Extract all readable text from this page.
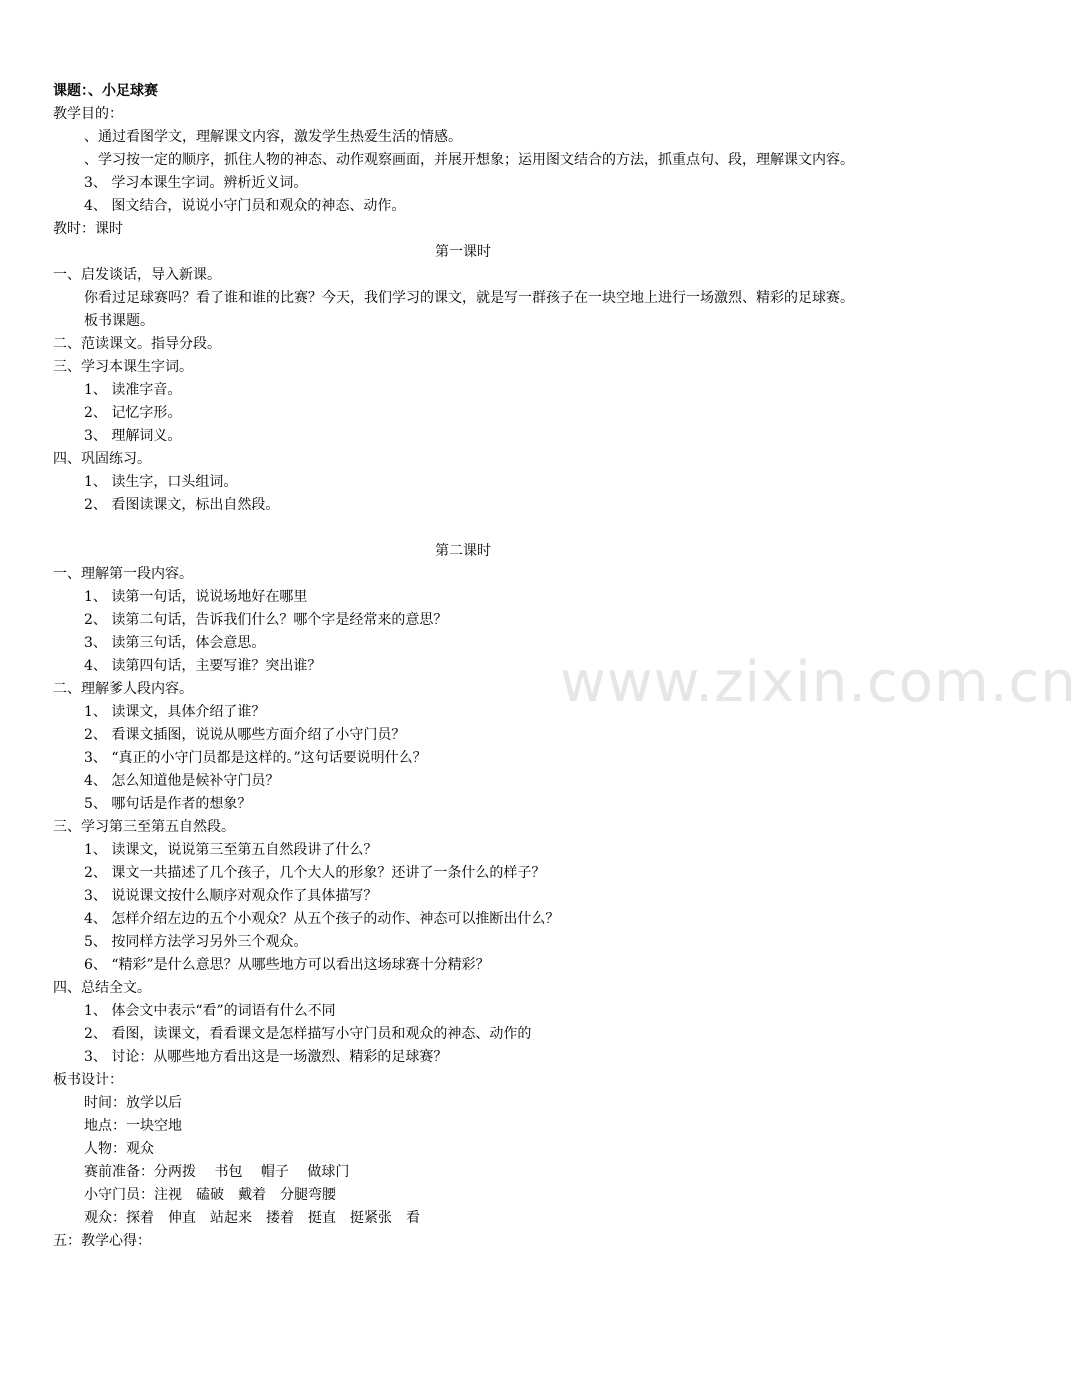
www.zixin.com.cn
课题：、小足球赛
教学目的：
、通过看图学文，理解课文内容，激发学生热爱生活的情感。
、学习按一定的顺序，抓住人物的神态、动作观察画面，并展开想象；运用图文结合的方法，抓重点句、段，理解课文内容。
3、 学习本课生字词。辨析近义词。
4、 图文结合，说说小守门员和观众的神态、动作。
教时：课时
第一课时
一、启发谈话，导入新课。
你看过足球赛吗？看了谁和谁的比赛？今天，我们学习的课文，就是写一群孩子在一块空地上进行一场激烈、精彩的足球赛。
板书课题。
二、范读课文。指导分段。
三、学习本课生字词。
1、 读准字音。
2、 记忆字形。
3、 理解词义。
四、巩固练习。
1、 读生字，口头组词。
2、 看图读课文，标出自然段。
第二课时
一、理解第一段内容。
1、 读第一句话，说说场地好在哪里
2、 读第二句话，告诉我们什么？哪个字是经常来的意思？
3、 读第三句话，体会意思。
4、 读第四句话，主要写谁？突出谁？
二、理解爹人段内容。
1、 读课文，具体介绍了谁？
2、 看课文插图，说说从哪些方面介绍了小守门员？
3、 “真正的小守门员都是这样的。”这句话要说明什么？
4、 怎么知道他是候补守门员？
5、 哪句话是作者的想象？
三、学习第三至第五自然段。
1、 读课文，说说第三至第五自然段讲了什么？
2、 课文一共描述了几个孩子，几个大人的形象？还讲了一条什么的样子？
3、 说说课文按什么顺序对观众作了具体描写？
4、 怎样介绍左边的五个小观众？从五个孩子的动作、神态可以推断出什么？
5、 按同样方法学习另外三个观众。
6、 “精彩”是什么意思？从哪些地方可以看出这场球赛十分精彩？
四、总结全文。
1、 体会文中表示“看”的词语有什么不同
2、 看图，读课文，看看课文是怎样描写小守门员和观众的神态、动作的
3、 讨论：从哪些地方看出这是一场激烈、精彩的足球赛？
板书设计：
时间：放学以后
地点：一块空地
人物：观众
赛前准备：分两拨　 书包　 帽子　 做球门
小守门员：注视　磕破　戴着　分腿弯腰
观众：探着　伸直　站起来　搂着　挺直　挺紧张　看
五：教学心得：
